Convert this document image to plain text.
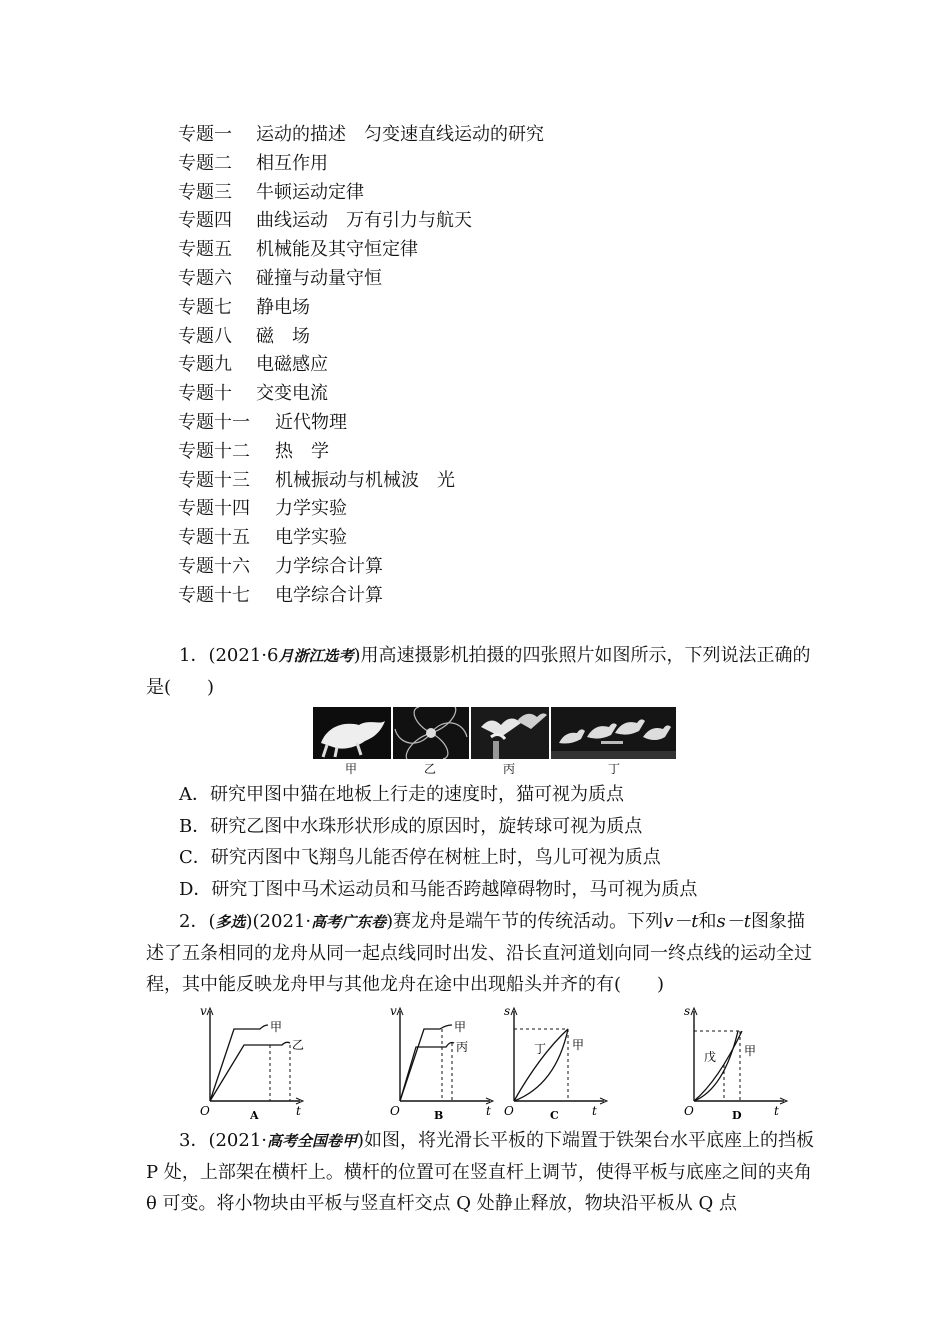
专题一 运动的描述　匀变速直线运动的研究
专题二 相互作用
专题三 牛顿运动定律
专题四 曲线运动　万有引力与航天
专题五 机械能及其守恒定律
专题六 碰撞与动量守恒
专题七 静电场
专题八 磁　场
专题九 电磁感应
专题十 交变电流
专题十一 近代物理
专题十二 热　学
专题十三 机械振动与机械波　光
专题十四 力学实验
专题十五 电学实验
专题十六 力学综合计算
专题十七 电学综合计算

1．(2021·6月浙江选考)用高速摄影机拍摄的四张照片如图所示，下列说法正确的是(　　)

甲	乙	丙	丁

A．研究甲图中猫在地板上行走的速度时，猫可视为质点

B．研究乙图中水珠形状形成的原因时，旋转球可视为质点

C．研究丙图中飞翔鸟儿能否停在树桩上时，鸟儿可视为质点

D．研究丁图中马术运动员和马能否跨越障碍物时，马可视为质点

2．(多选)(2021·高考广东卷)赛龙舟是端午节的传统活动。下列v－t和s－t图象描述了五条相同的龙舟从同一起点线同时出发、沿长直河道划向同一终点线的运动全过程，其中能反映龙舟甲与其他龙舟在途中出现船头并齐的有(　　)

v
O	t
甲
乙
A
v
O	t
甲
丙
B
s
O	t
丁 甲
C
s
O	t
戊 甲
D

3．(2021·高考全国卷甲)如图，将光滑长平板的下端置于铁架台水平底座上的挡板 P 处，上部架在横杆上。横杆的位置可在竖直杆上调节，使得平板与底座之间的夹角 θ 可变。将小物块由平板与竖直杆交点 Q 处静止释放，物块沿平板从 Q 点
